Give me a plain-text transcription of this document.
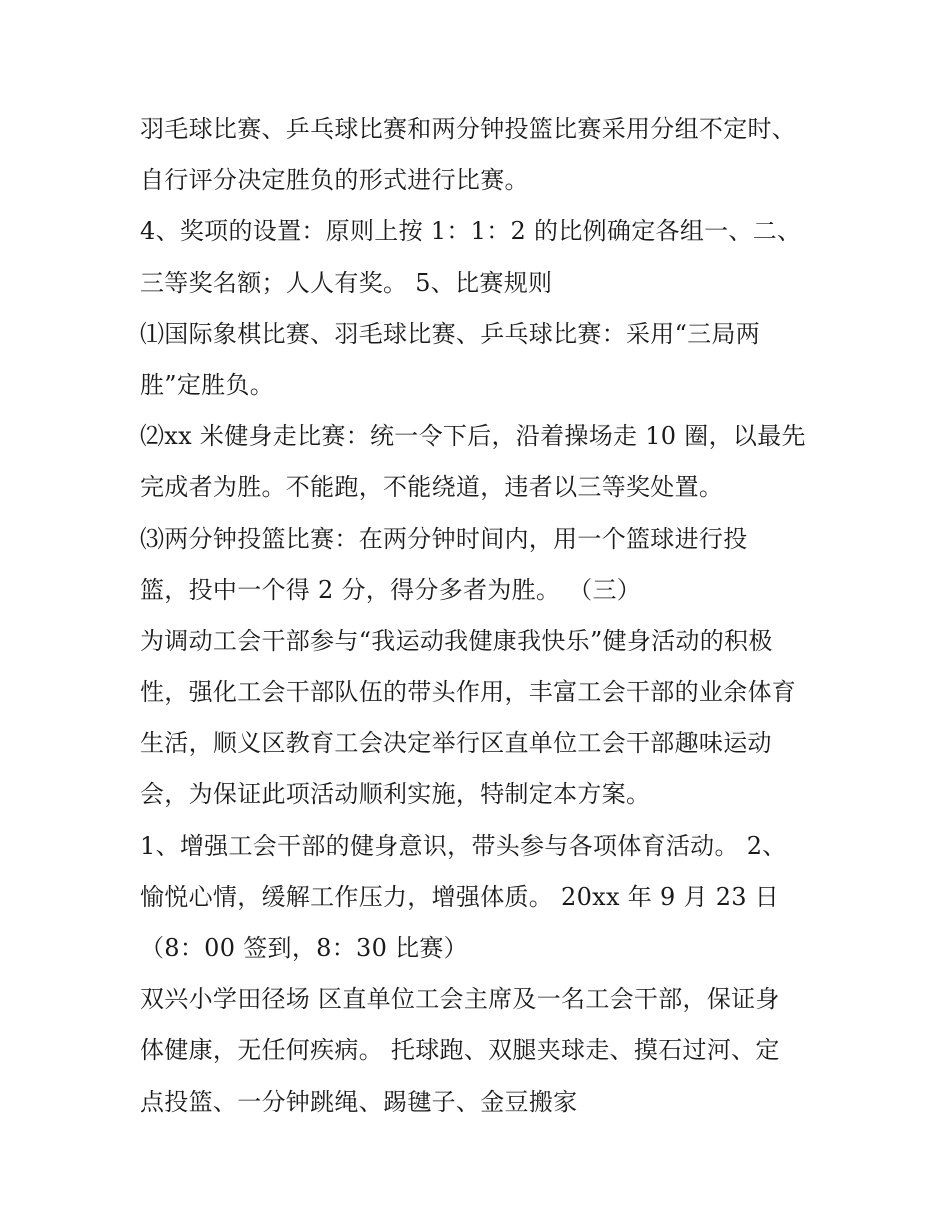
羽毛球比赛、乒乓球比赛和两分钟投篮比赛采用分组不定时、
自行评分决定胜负的形式进行比赛。
4、奖项的设置：原则上按 1：1：2 的比例确定各组一、二、
三等奖名额；人人有奖。 5、比赛规则
⑴国际象棋比赛、羽毛球比赛、乒乓球比赛：采用“三局两
胜”定胜负。
⑵xx 米健身走比赛：统一令下后，沿着操场走 10 圈，以最先
完成者为胜。不能跑，不能绕道，违者以三等奖处置。
⑶两分钟投篮比赛：在两分钟时间内，用一个篮球进行投
篮，投中一个得 2 分，得分多者为胜。 （三）
为调动工会干部参与“我运动我健康我快乐”健身活动的积极
性，强化工会干部队伍的带头作用，丰富工会干部的业余体育
生活，顺义区教育工会决定举行区直单位工会干部趣味运动
会，为保证此项活动顺利实施，特制定本方案。
1、增强工会干部的健身意识，带头参与各项体育活动。 2、
愉悦心情，缓解工作压力，增强体质。 20xx 年 9 月 23 日
（8：00 签到，8：30 比赛）
双兴小学田径场 区直单位工会主席及一名工会干部，保证身
体健康，无任何疾病。 托球跑、双腿夹球走、摸石过河、定
点投篮、一分钟跳绳、踢毽子、金豆搬家
